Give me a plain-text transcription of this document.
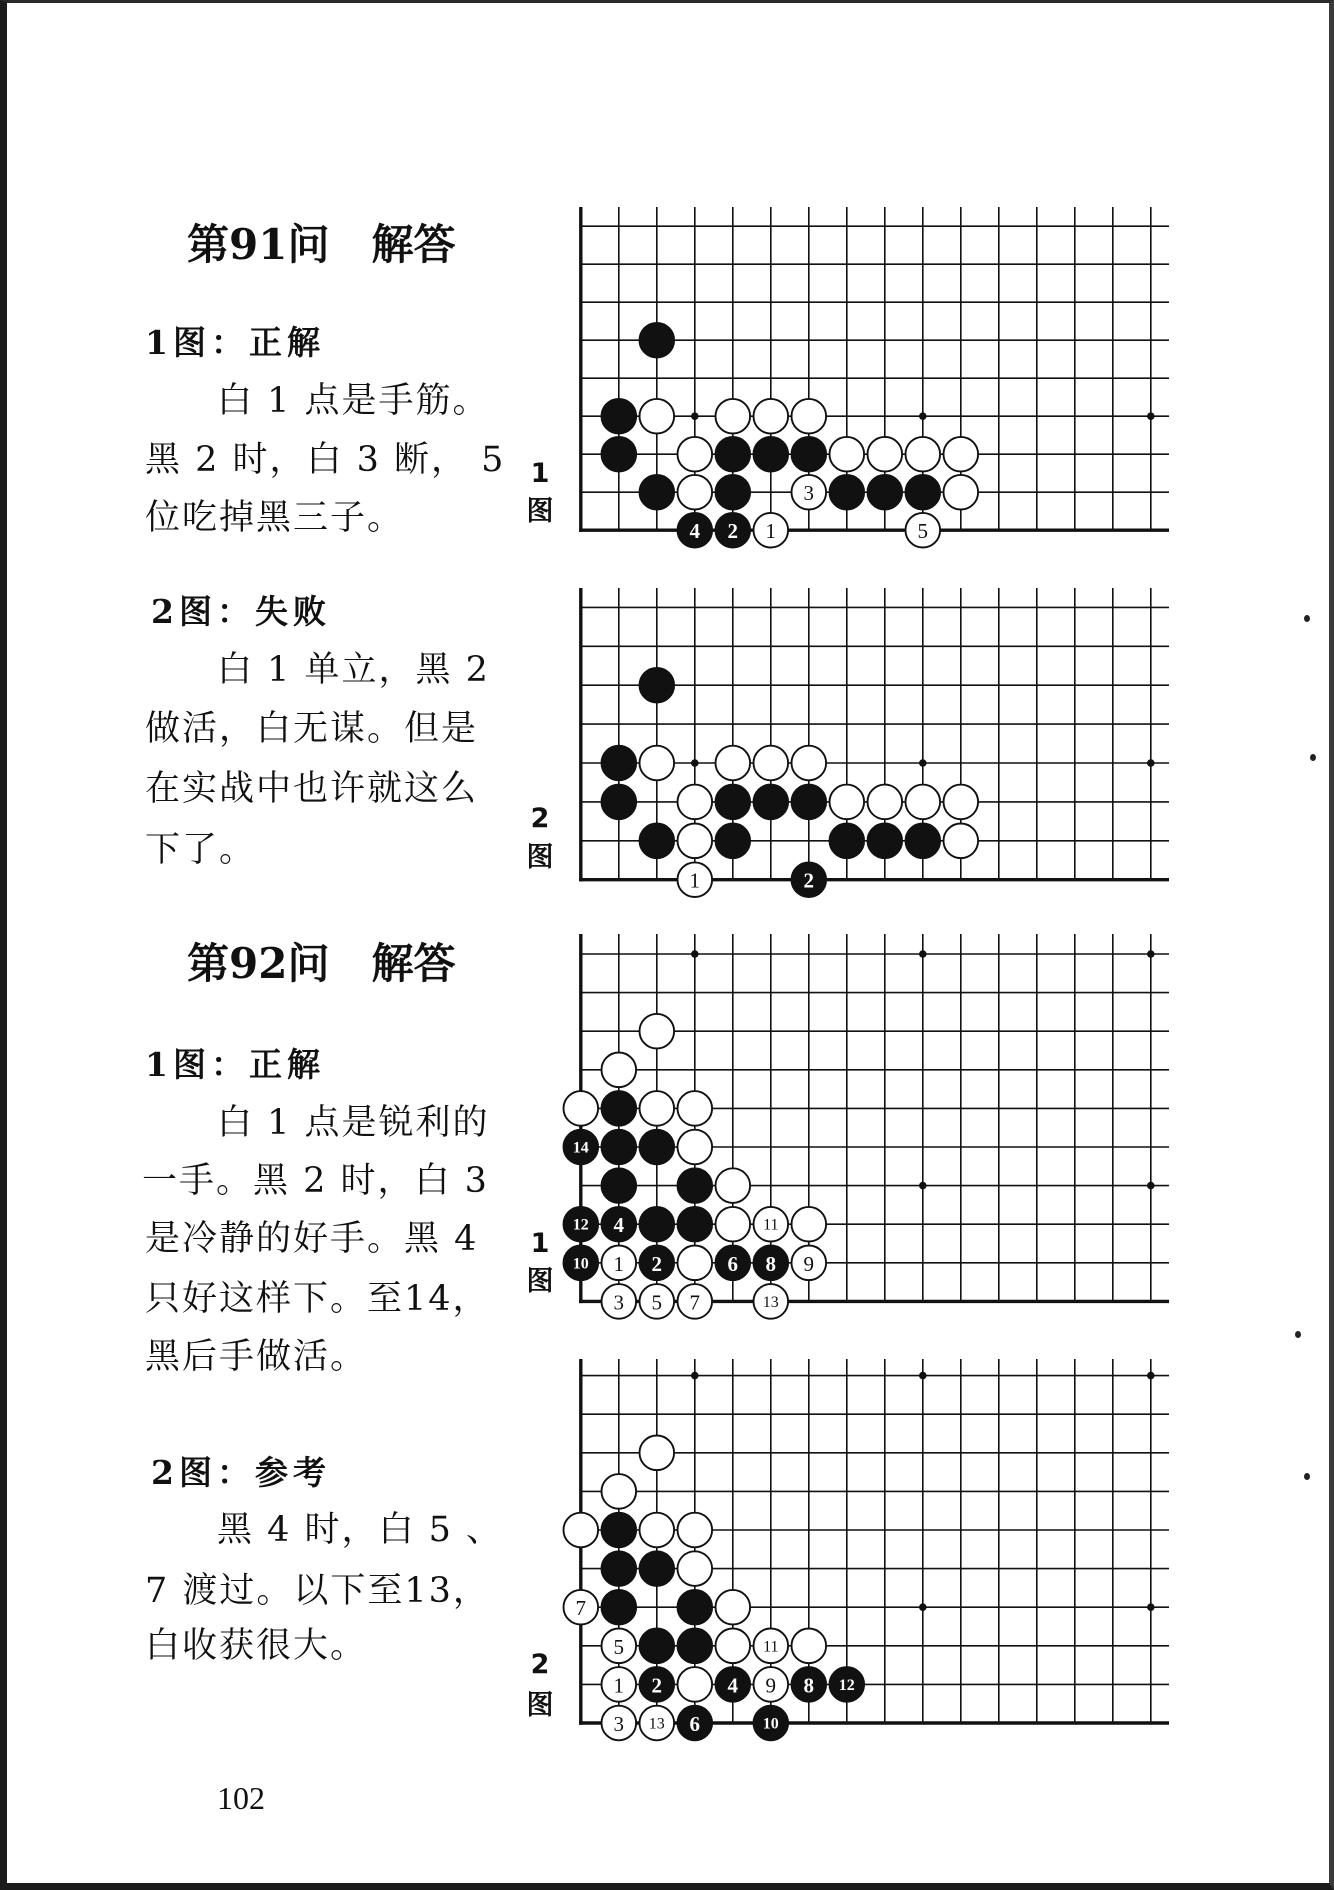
第91问　解答
1图：正解
白 1 点是手筋。
黑 2 时，白 3 断， 5
位吃掉黑三子。
2图：失败
白 1 单立，黑 2
做活，白无谋。但是
在实战中也许就这么
下了。
第92问　解答
1图：正解
白 1 点是锐利的
一手。黑 2 时，白 3
是冷静的好手。黑 4
只好这样下。至14，
黑后手做活。
2图：参考
黑 4 时，白 5 、
7 渡过。以下至13，
白收获很大。
102
1
图
2
图
1
图
2
图
3
4 2 1	5
1	2
14
12 4	11
10 1 2	6 8 9
3 5 7	13
7
5	11
1 2	4 9 8 12
3 13 6	10
